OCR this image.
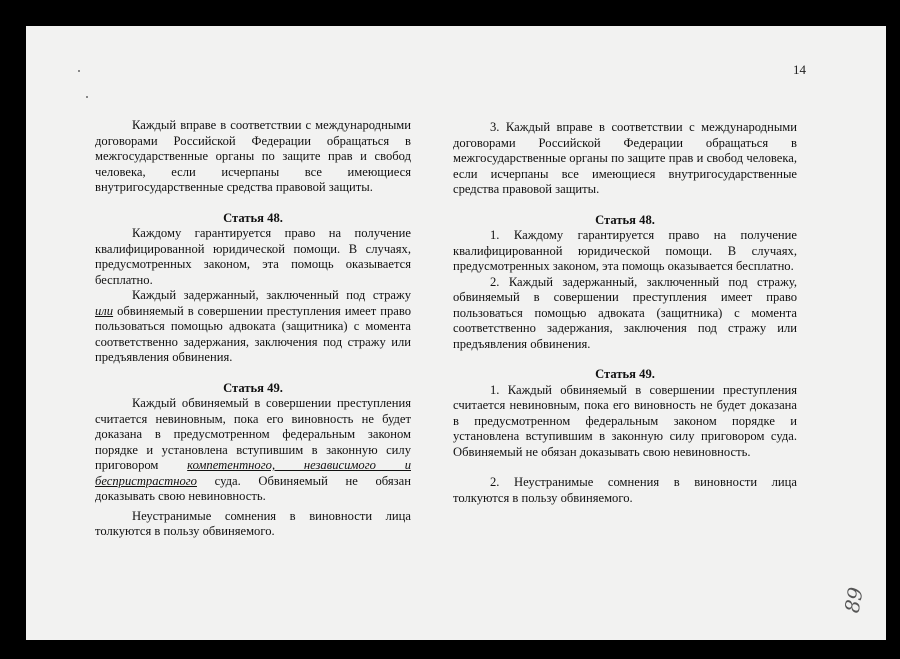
14

Каждый вправе в соответствии с международными договорами Российской Федерации обращаться в межгосударственные органы по защите прав и свобод человека, если исчерпаны все имеющиеся внутригосударственные средства правовой защиты.

Статья 48.

Каждому гарантируется право на получение квалифицированной юридической помощи. В случаях, предусмотренных законом, эта помощь оказывается бесплатно.

Каждый задержанный, заключенный под стражу или обвиняемый в совершении преступления имеет право пользоваться помощью адвоката (защитника) с момента соответственно задержания, заключения под стражу или предъявления обвинения.

Статья 49.

Каждый обвиняемый в совершении преступления считается невиновным, пока его виновность не будет доказана в предусмотренном федеральным законом порядке и установлена вступившим в законную силу приговором компетентного, независимого и беспристрастного суда. Обвиняемый не обязан доказывать свою невиновность.

Неустранимые сомнения в виновности лица толкуются в пользу обвиняемого.

3. Каждый вправе в соответствии с международными договорами Российской Федерации обращаться в межгосударственные органы по защите прав и свобод человека, если исчерпаны все имеющиеся внутригосударственные средства правовой защиты.

Статья 48.

1. Каждому гарантируется право на получение квалифицированной юридической помощи. В случаях, предусмотренных законом, эта помощь оказывается бесплатно.

2. Каждый задержанный, заключенный под стражу, обвиняемый в совершении преступления имеет право пользоваться помощью адвоката (защитника) с момента соответственно задержания, заключения под стражу или предъявления обвинения.

Статья 49.

1. Каждый обвиняемый в совершении преступления считается невиновным, пока его виновность не будет доказана в предусмотренном федеральным законом порядке и установлена вступившим в законную силу приговором суда. Обвиняемый не обязан доказывать свою невиновность.

2. Неустранимые сомнения в виновности лица толкуются в пользу обвиняемого.

89
